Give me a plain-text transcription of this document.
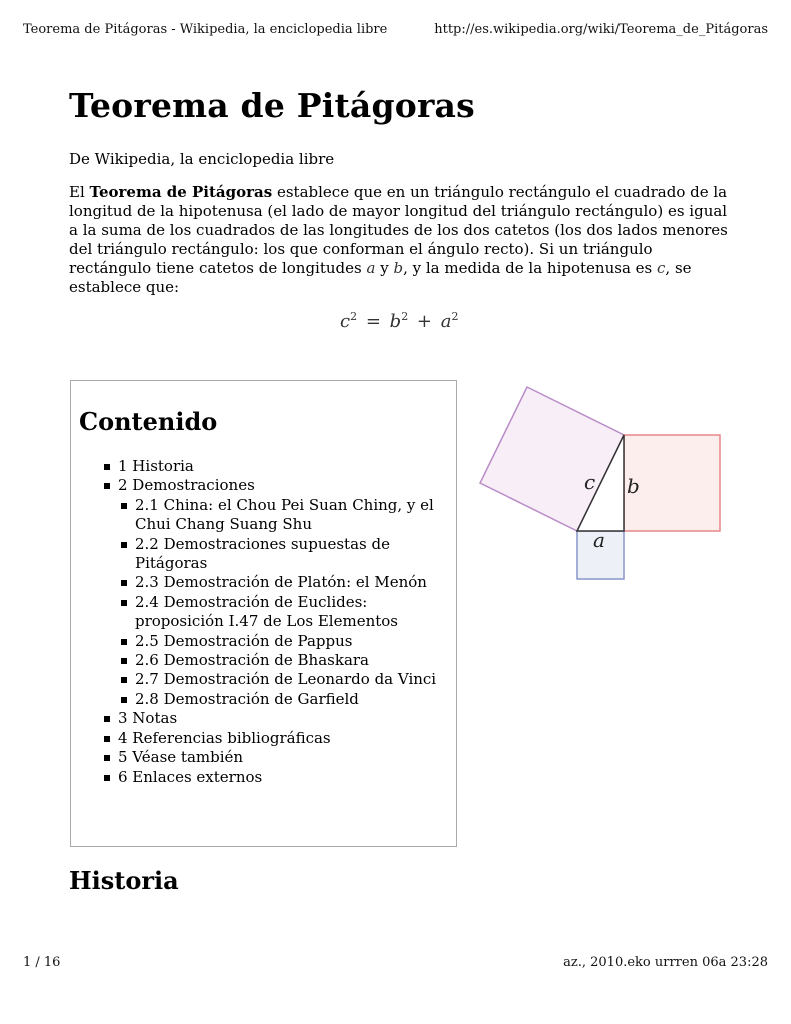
Teorema de Pitágoras - Wikipedia, la enciclopedia libre	http://es.wikipedia.org/wiki/Teorema_de_Pitágoras
Teorema de Pitágoras
De Wikipedia, la enciclopedia libre
El Teorema de Pitágoras establece que en un triángulo rectángulo el cuadrado de la longitud de la hipotenusa (el lado de mayor longitud del triángulo rectángulo) es igual a la suma de los cuadrados de las longitudes de los dos catetos (los dos lados menores del triángulo rectángulo: los que conforman el ángulo recto). Si un triángulo rectángulo tiene catetos de longitudes a y b, y la medida de la hipotenusa es c, se establece que:
$c^2 = b^2 + a^2$
Contenido
1 Historia
2 Demostraciones
2.1 China: el Chou Pei Suan Ching, y el Chui Chang Suang Shu
2.2 Demostraciones supuestas de Pitágoras
2.3 Demostración de Platón: el Menón
2.4 Demostración de Euclides: proposición I.47 de Los Elementos
2.5 Demostración de Pappus
2.6 Demostración de Bhaskara
2.7 Demostración de Leonardo da Vinci
2.8 Demostración de Garfield
3 Notas
4 Referencias bibliográficas
5 Véase también
6 Enlaces externos
c b
a
Historia
1 / 16	az., 2010.eko urrren 06a 23:28
